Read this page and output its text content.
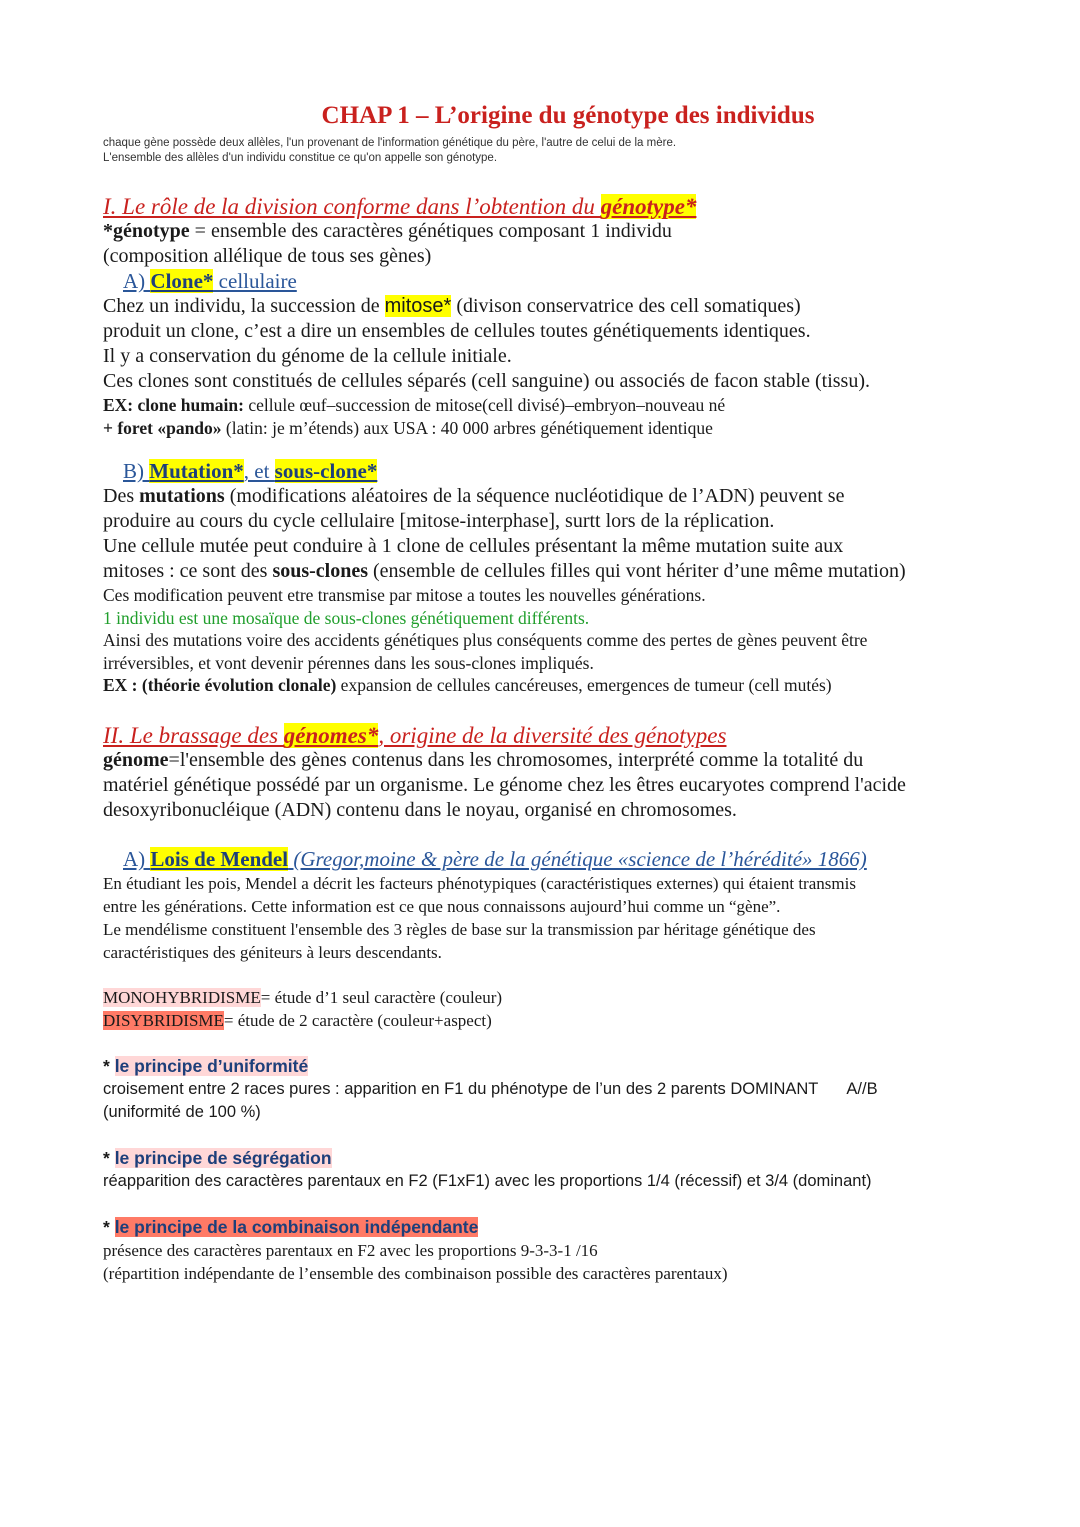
CHAP 1 – L’origine du génotype des individus

chaque gène possède deux allèles, l'un provenant de l'information génétique du père, l'autre de celui de la mère.

L'ensemble des allèles d'un individu constitue ce qu'on appelle son génotype.

I. Le rôle de la division conforme dans l’obtention du génotype*

*génotype = ensemble des caractères génétiques composant 1 individu

(composition allélique de tous ses gènes)

A) Clone* cellulaire

Chez un individu, la succession de mitose* (divison conservatrice des cell somatiques)

produit un clone, c’est a dire un ensembles de cellules toutes génétiquements identiques.

Il y a conservation du génome de la cellule initiale.

Ces clones sont constitués de cellules séparés (cell sanguine) ou associés de facon stable (tissu).

EX: clone humain: cellule œuf–succession de mitose(cell divisé)–embryon–nouveau né

+ foret «pando» (latin: je m’étends) aux USA : 40 000 arbres génétiquement identique

B) Mutation*, et sous-clone*

Des mutations (modifications aléatoires de la séquence nucléotidique de l’ADN) peuvent se

produire au cours du cycle cellulaire [mitose-interphase], surtt lors de la réplication.

Une cellule mutée peut conduire à 1 clone de cellules présentant la même mutation suite aux

mitoses : ce sont des sous-clones (ensemble de cellules filles qui vont hériter d’une même mutation)

Ces modification peuvent etre transmise par mitose a toutes les nouvelles générations.

1 individu est une mosaïque de sous-clones génétiquement différents.

Ainsi des mutations voire des accidents génétiques plus conséquents comme des pertes de gènes peuvent être

irréversibles, et vont devenir pérennes dans les sous-clones impliqués.

EX : (théorie évolution clonale) expansion de cellules cancéreuses, emergences de tumeur (cell mutés)

II. Le brassage des génomes*, origine de la diversité des génotypes

génome=l'ensemble des gènes contenus dans les chromosomes, interprété comme la totalité du

matériel génétique possédé par un organisme. Le génome chez les êtres eucaryotes comprend l'acide

desoxyribonucléique (ADN) contenu dans le noyau, organisé en chromosomes.

A) Lois de Mendel (Gregor,moine & père de la génétique «science de l’hérédité» 1866)

En étudiant les pois, Mendel a décrit les facteurs phénotypiques (caractéristiques externes) qui étaient transmis

entre les générations. Cette information est ce que nous connaissons aujourd’hui comme un “gène”.

Le mendélisme constituent l'ensemble des 3 règles de base sur la transmission par héritage génétique des

caractéristiques des géniteurs à leurs descendants.

MONOHYBRIDISME= étude d’1 seul caractère (couleur)

DISYBRIDISME= étude de 2 caractère (couleur+aspect)

* le principe d’uniformité

croisement entre 2 races pures : apparition en F1 du phénotype de l’un des 2 parents DOMINANT A//B

(uniformité de 100 %)

* le principe de ségrégation

réapparition des caractères parentaux en F2 (F1xF1) avec les proportions 1/4 (récessif) et 3/4 (dominant)

* le principe de la combinaison indépendante

présence des caractères parentaux en F2 avec les proportions 9-3-3-1 /16

(répartition indépendante de l’ensemble des combinaison possible des caractères parentaux)
